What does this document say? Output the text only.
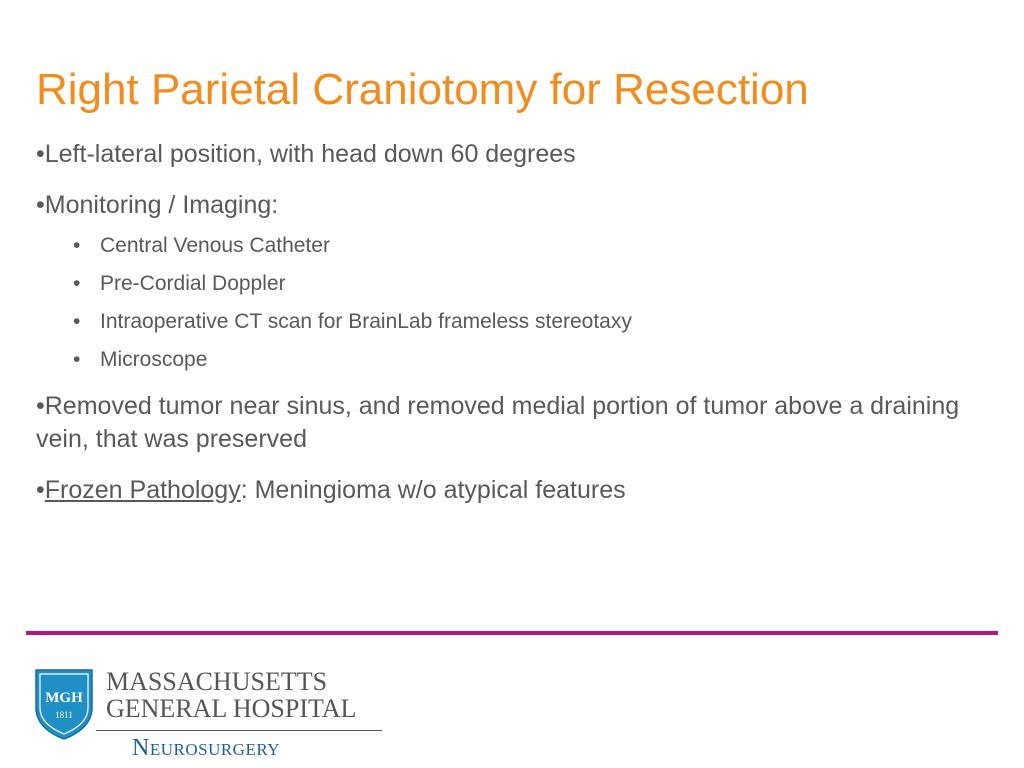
Right Parietal Craniotomy for Resection

•Left-lateral position, with head down 60 degrees

•Monitoring / Imaging:

• Central Venous Catheter
• Pre-Cordial Doppler
• Intraoperative CT scan for BrainLab frameless stereotaxy
• Microscope

•Removed tumor near sinus, and removed medial portion of tumor above a draining vein, that was preserved

•Frozen Pathology: Meningioma w/o atypical features

MGH
1811
MASSACHUSETTS
GENERAL HOSPITAL
Neurosurgery
